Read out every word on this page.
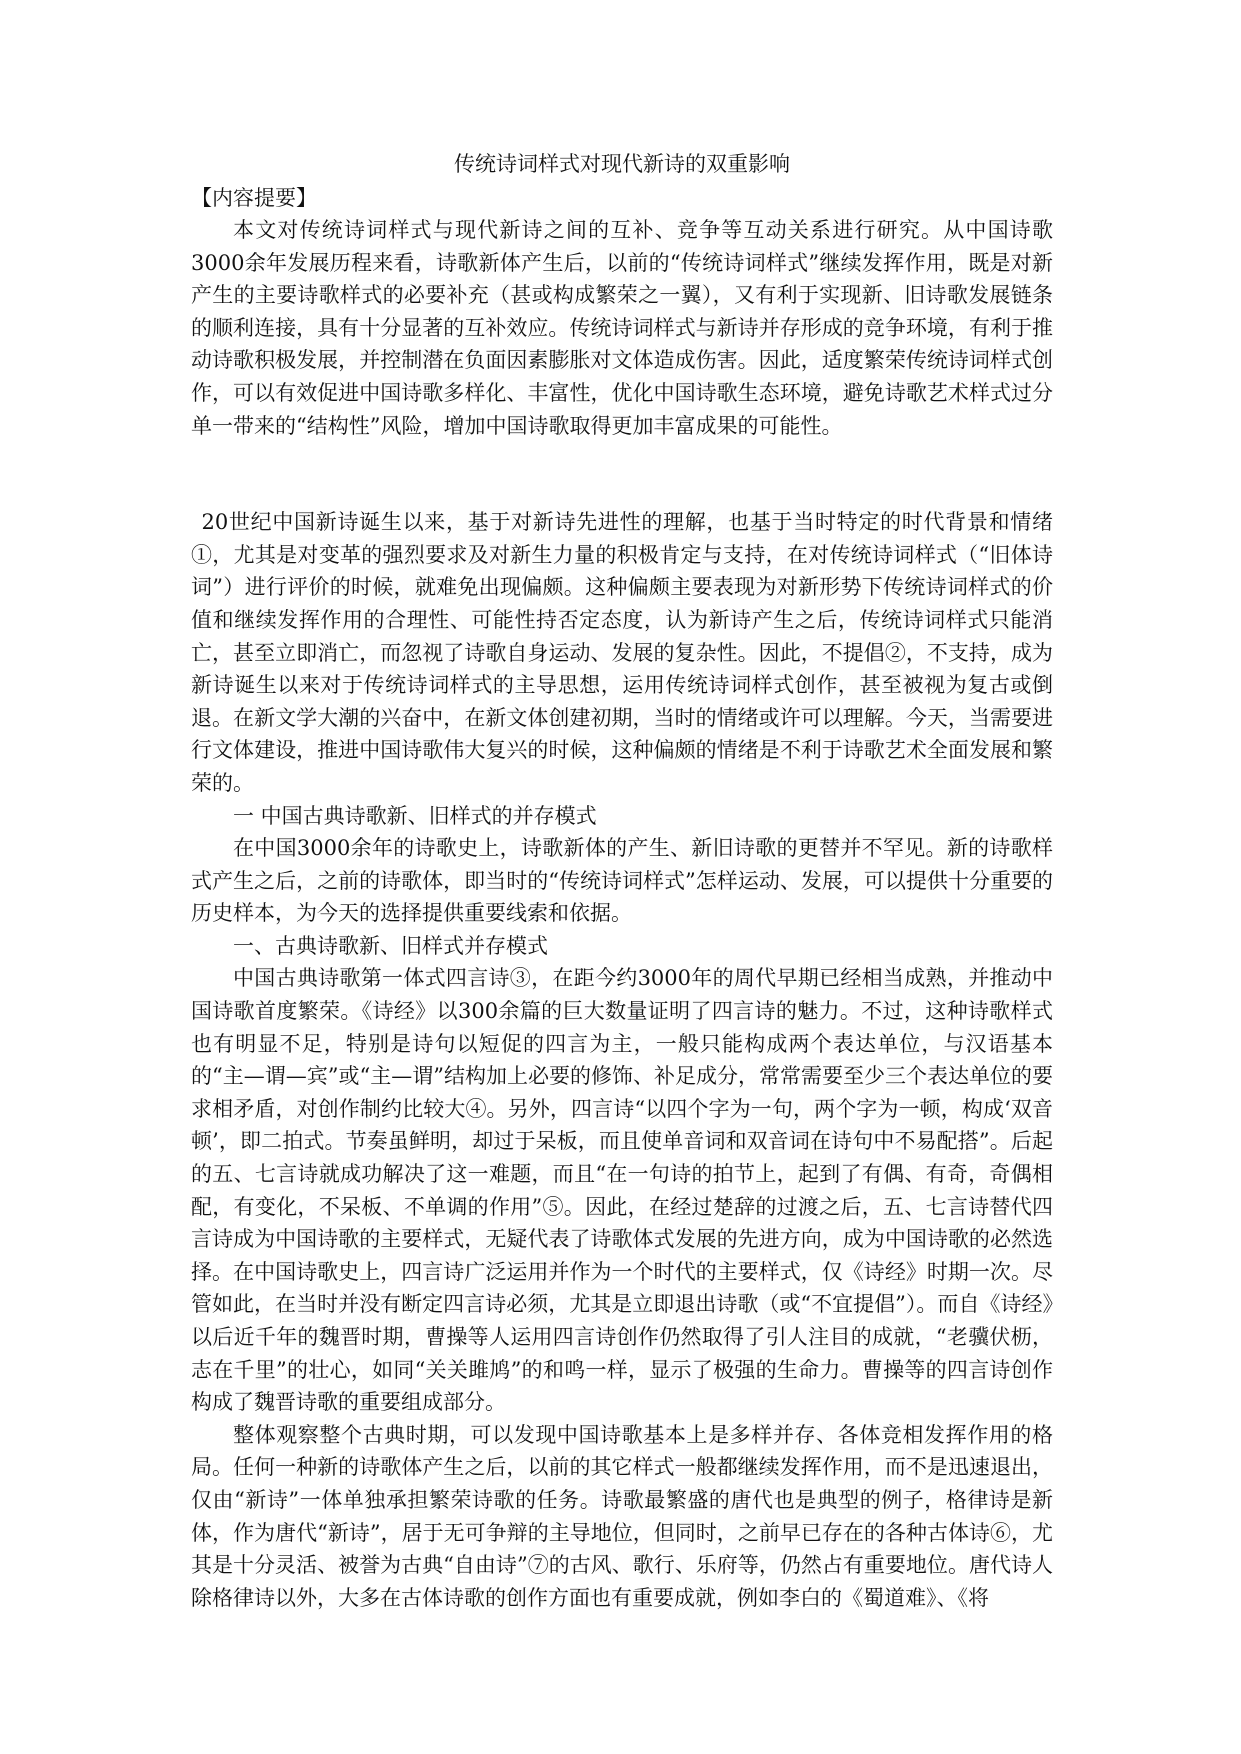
传统诗词样式对现代新诗的双重影响
【内容提要】

本文对传统诗词样式与现代新诗之间的互补、竞争等互动关系进行研究。从中国诗歌3000余年发展历程来看，诗歌新体产生后，以前的“传统诗词样式”继续发挥作用，既是对新产生的主要诗歌样式的必要补充（甚或构成繁荣之一翼），又有利于实现新、旧诗歌发展链条的顺利连接，具有十分显著的互补效应。传统诗词样式与新诗并存形成的竞争环境，有利于推动诗歌积极发展，并控制潜在负面因素膨胀对文体造成伤害。因此，适度繁荣传统诗词样式创作，可以有效促进中国诗歌多样化、丰富性，优化中国诗歌生态环境，避免诗歌艺术样式过分单一带来的“结构性”风险，增加中国诗歌取得更加丰富成果的可能性。

20世纪中国新诗诞生以来，基于对新诗先进性的理解，也基于当时特定的时代背景和情绪①，尤其是对变革的强烈要求及对新生力量的积极肯定与支持，在对传统诗词样式（“旧体诗词”）进行评价的时候，就难免出现偏颇。这种偏颇主要表现为对新形势下传统诗词样式的价值和继续发挥作用的合理性、可能性持否定态度，认为新诗产生之后，传统诗词样式只能消亡，甚至立即消亡，而忽视了诗歌自身运动、发展的复杂性。因此，不提倡②，不支持，成为新诗诞生以来对于传统诗词样式的主导思想，运用传统诗词样式创作，甚至被视为复古或倒退。在新文学大潮的兴奋中，在新文体创建初期，当时的情绪或许可以理解。今天，当需要进行文体建设，推进中国诗歌伟大复兴的时候，这种偏颇的情绪是不利于诗歌艺术全面发展和繁荣的。

一 中国古典诗歌新、旧样式的并存模式

在中国3000余年的诗歌史上，诗歌新体的产生、新旧诗歌的更替并不罕见。新的诗歌样式产生之后，之前的诗歌体，即当时的“传统诗词样式”怎样运动、发展，可以提供十分重要的历史样本，为今天的选择提供重要线索和依据。

一、古典诗歌新、旧样式并存模式

中国古典诗歌第一体式四言诗③，在距今约3000年的周代早期已经相当成熟，并推动中国诗歌首度繁荣。《诗经》以300余篇的巨大数量证明了四言诗的魅力。不过，这种诗歌样式也有明显不足，特别是诗句以短促的四言为主，一般只能构成两个表达单位，与汉语基本的“主—谓—宾”或“主—谓”结构加上必要的修饰、补足成分，常常需要至少三个表达单位的要求相矛盾，对创作制约比较大④。另外，四言诗“以四个字为一句，两个字为一顿，构成‘双音顿’，即二拍式。节奏虽鲜明，却过于呆板，而且使单音词和双音词在诗句中不易配搭”。后起的五、七言诗就成功解决了这一难题，而且“在一句诗的拍节上，起到了有偶、有奇，奇偶相配，有变化，不呆板、不单调的作用”⑤。因此，在经过楚辞的过渡之后，五、七言诗替代四言诗成为中国诗歌的主要样式，无疑代表了诗歌体式发展的先进方向，成为中国诗歌的必然选择。在中国诗歌史上，四言诗广泛运用并作为一个时代的主要样式，仅《诗经》时期一次。尽管如此，在当时并没有断定四言诗必须，尤其是立即退出诗歌（或“不宜提倡”）。而自《诗经》以后近千年的魏晋时期，曹操等人运用四言诗创作仍然取得了引人注目的成就，“老骥伏枥，志在千里”的壮心，如同“关关雎鸠”的和鸣一样，显示了极强的生命力。曹操等的四言诗创作构成了魏晋诗歌的重要组成部分。

整体观察整个古典时期，可以发现中国诗歌基本上是多样并存、各体竞相发挥作用的格局。任何一种新的诗歌体产生之后，以前的其它样式一般都继续发挥作用，而不是迅速退出，仅由“新诗”一体单独承担繁荣诗歌的任务。诗歌最繁盛的唐代也是典型的例子，格律诗是新体，作为唐代“新诗”，居于无可争辩的主导地位，但同时，之前早已存在的各种古体诗⑥，尤其是十分灵活、被誉为古典“自由诗”⑦的古风、歌行、乐府等，仍然占有重要地位。唐代诗人除格律诗以外，大多在古体诗歌的创作方面也有重要成就，例如李白的《蜀道难》、《将
